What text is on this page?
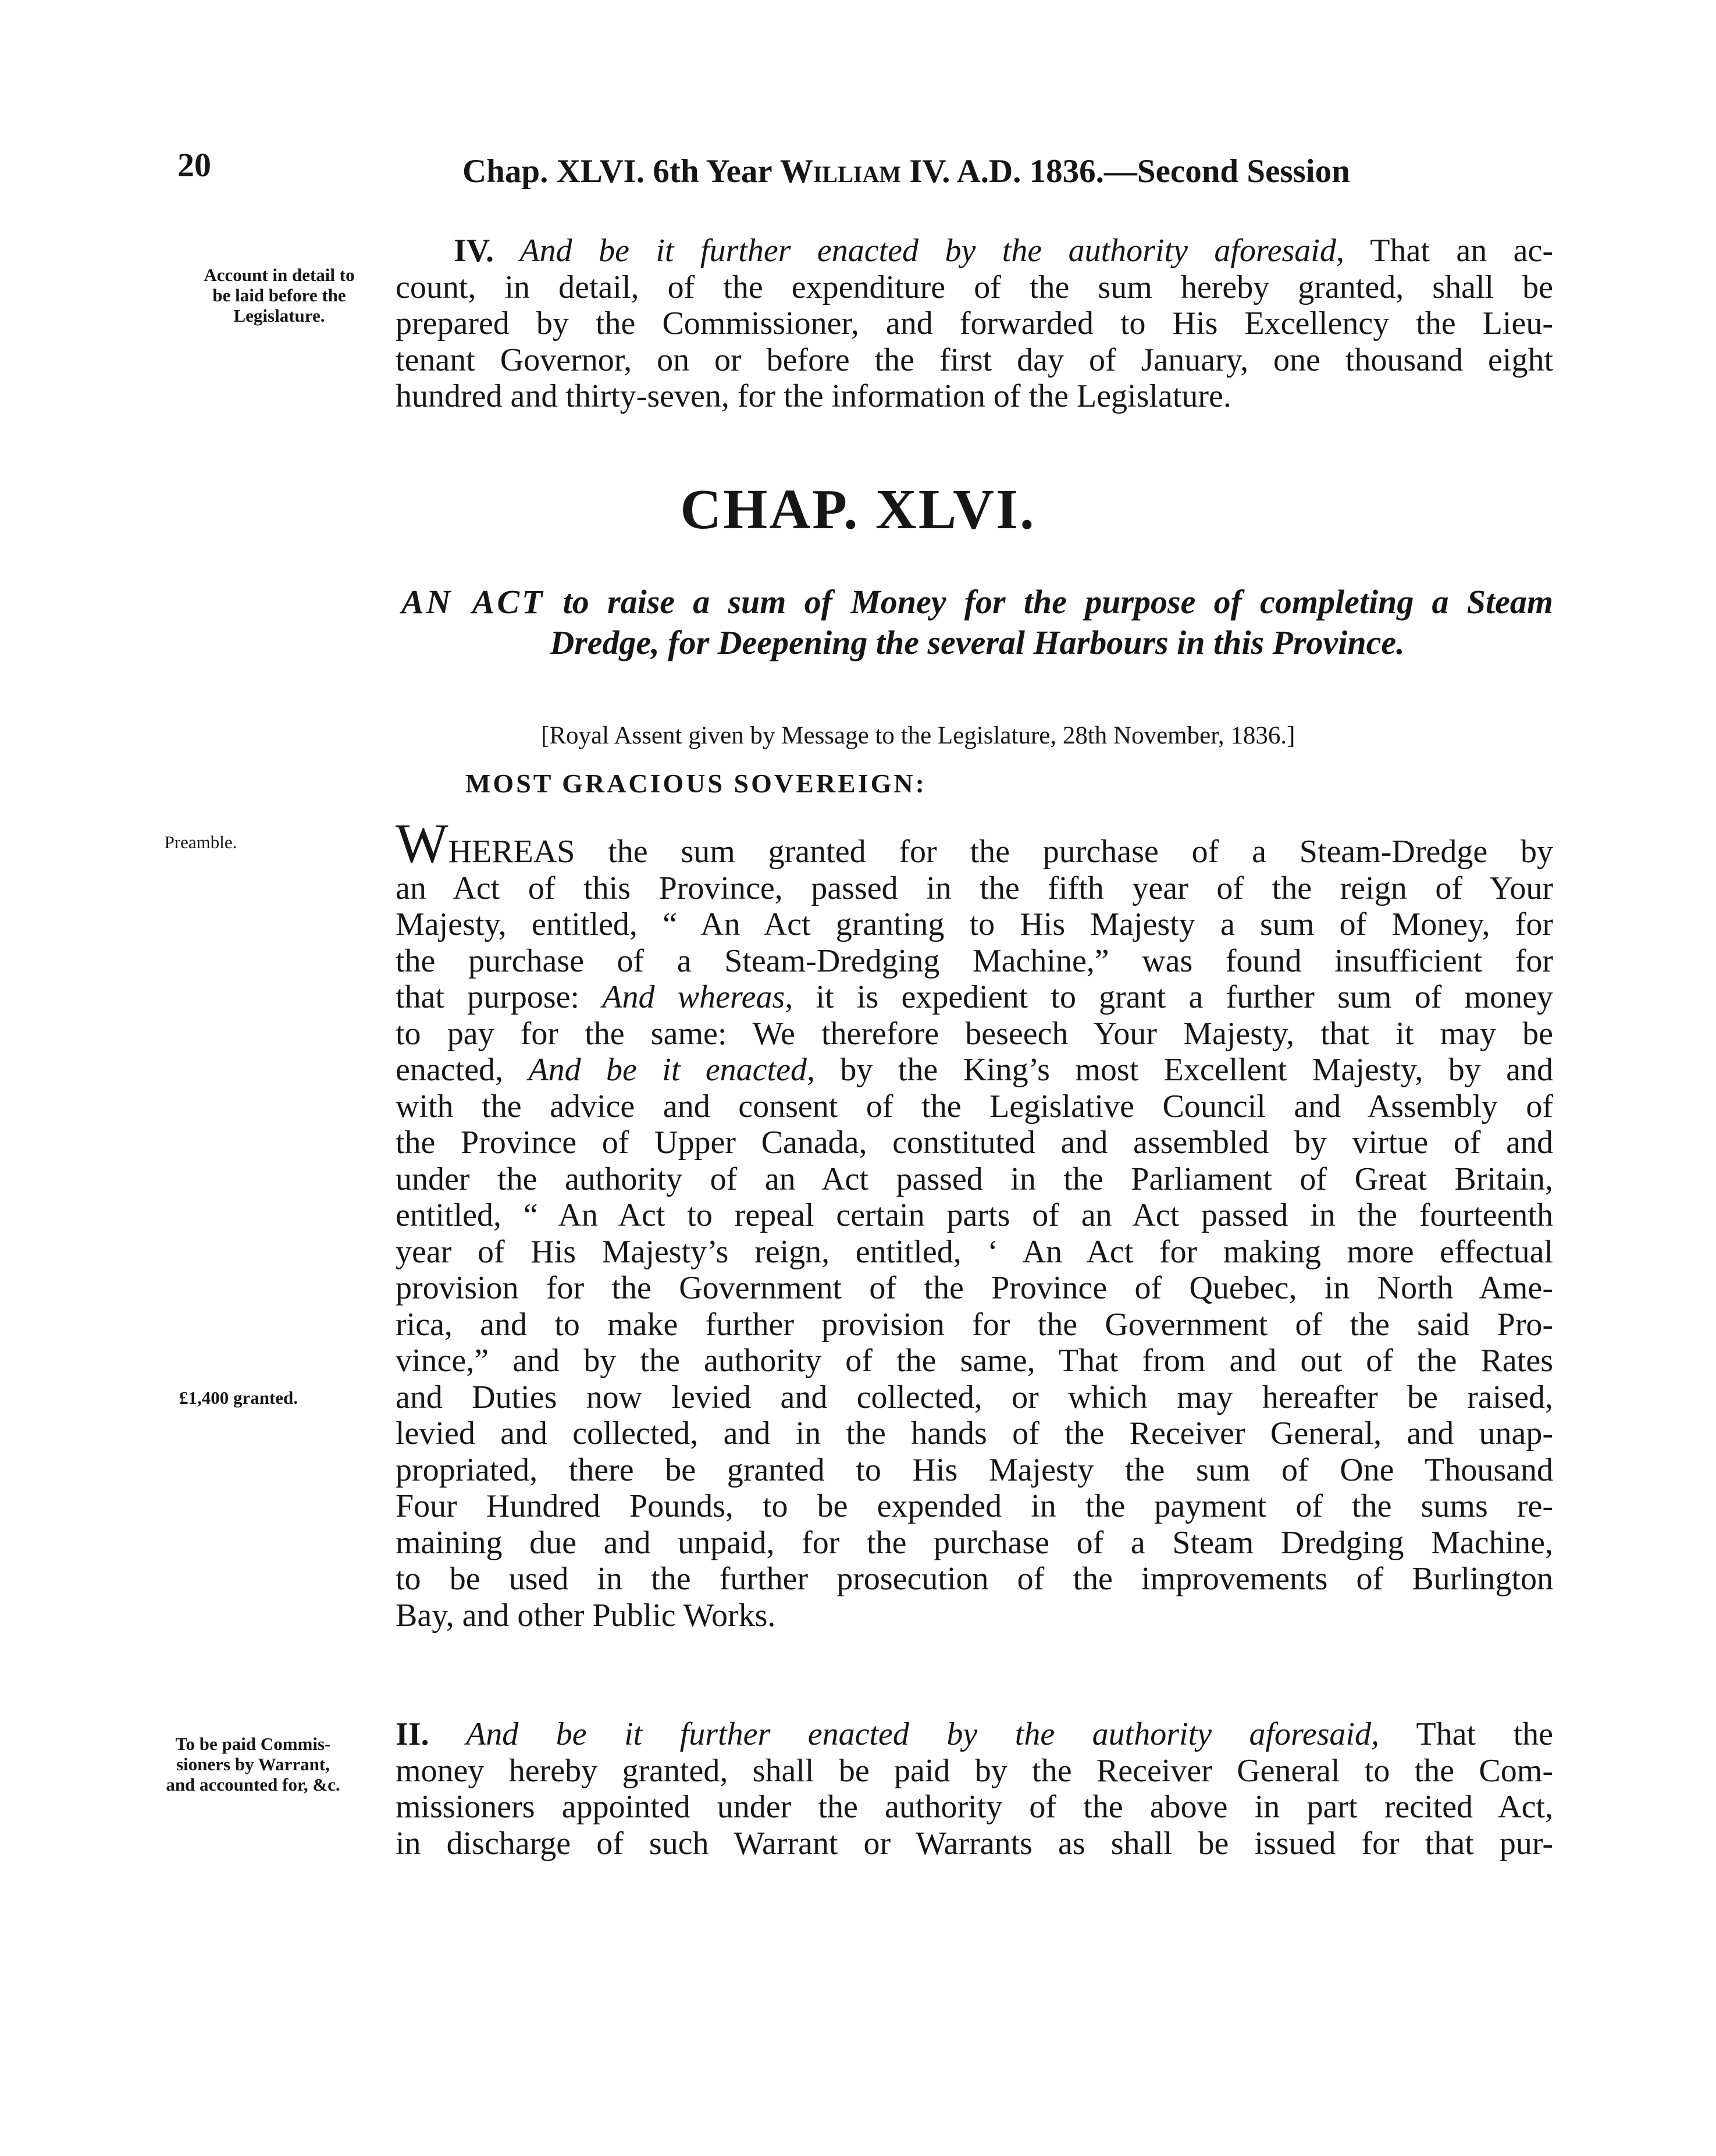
20	Chap. XLVI. 6th Year William IV. A.D. 1836.—Second Session
Account in detail to
be laid before the
Legislature.
Preamble.
£1,400 granted.
To be paid Commis-
sioners by Warrant,
and accounted for, &c.
IV. And be it further enacted by the authority aforesaid, That an ac-
count, in detail, of the expenditure of the sum hereby granted, shall be
prepared by the Commissioner, and forwarded to His Excellency the Lieu-
tenant Governor, on or before the first day of January, one thousand eight
hundred and thirty-seven, for the information of the Legislature.
CHAP. XLVI.
AN ACT to raise a sum of Money for the purpose of completing a Steam
Dredge, for Deepening the several Harbours in this Province.
[Royal Assent given by Message to the Legislature, 28th November, 1836.]
MOST GRACIOUS SOVEREIGN:
WHEREAS the sum granted for the purchase of a Steam-Dredge by
an Act of this Province, passed in the fifth year of the reign of Your
Majesty, entitled, “ An Act granting to His Majesty a sum of Money, for
the purchase of a Steam-Dredging Machine,” was found insufficient for
that purpose: And whereas, it is expedient to grant a further sum of money
to pay for the same: We therefore beseech Your Majesty, that it may be
enacted, And be it enacted, by the King’s most Excellent Majesty, by and
with the advice and consent of the Legislative Council and Assembly of
the Province of Upper Canada, constituted and assembled by virtue of and
under the authority of an Act passed in the Parliament of Great Britain,
entitled, “ An Act to repeal certain parts of an Act passed in the fourteenth
year of His Majesty’s reign, entitled, ‘ An Act for making more effectual
provision for the Government of the Province of Quebec, in North Ame-
rica, and to make further provision for the Government of the said Pro-
vince,” and by the authority of the same, That from and out of the Rates
and Duties now levied and collected, or which may hereafter be raised,
levied and collected, and in the hands of the Receiver General, and unap-
propriated, there be granted to His Majesty the sum of One Thousand
Four Hundred Pounds, to be expended in the payment of the sums re-
maining due and unpaid, for the purchase of a Steam Dredging Machine,
to be used in the further prosecution of the improvements of Burlington
Bay, and other Public Works.
II. And be it further enacted by the authority aforesaid, That the
money hereby granted, shall be paid by the Receiver General to the Com-
missioners appointed under the authority of the above in part recited Act,
in discharge of such Warrant or Warrants as shall be issued for that pur-
